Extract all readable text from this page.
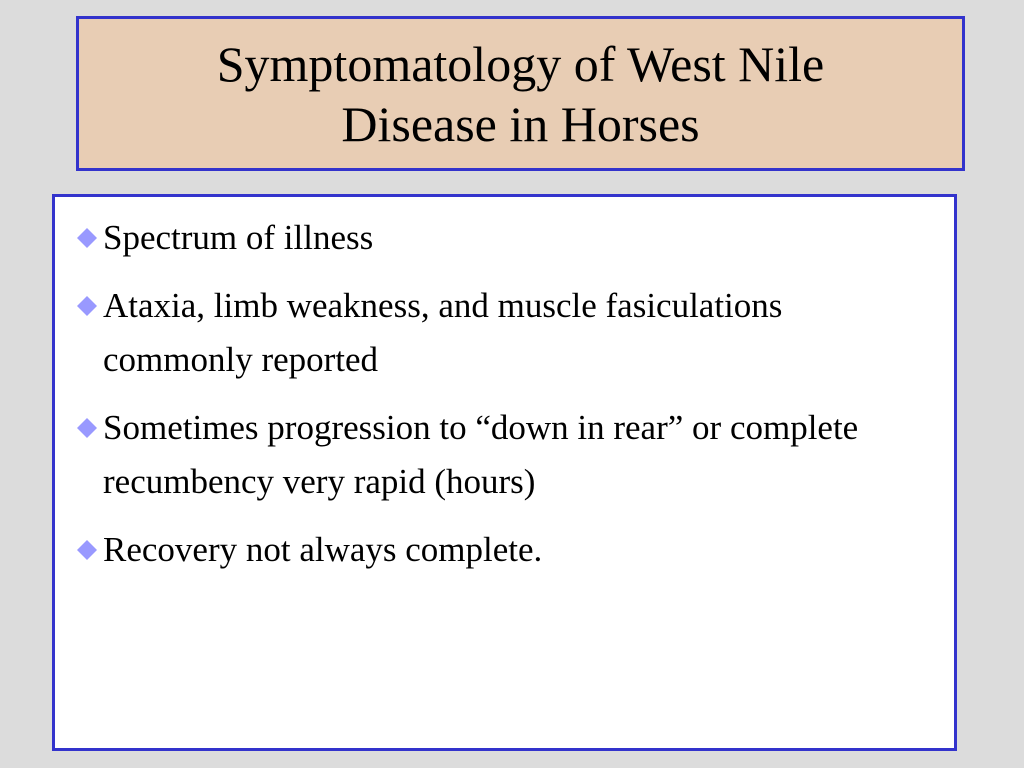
Symptomatology of West Nile
Disease in Horses
Spectrum of illness
Ataxia, limb weakness, and muscle fasiculations commonly reported
Sometimes progression to “down in rear” or complete recumbency very rapid (hours)
Recovery not always complete.
